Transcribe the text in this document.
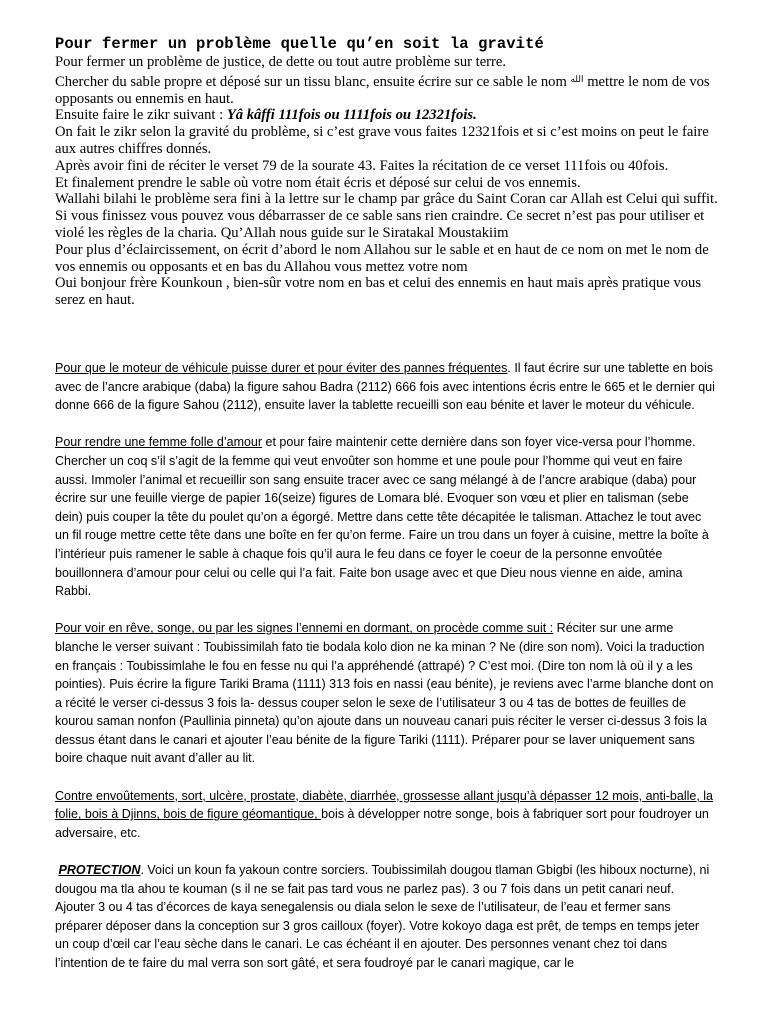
Pour fermer un problème quelle qu’en soit la gravité

Pour fermer un problème de justice, de dette ou tout autre problème sur terre.

Chercher du sable propre et déposé sur un tissu blanc, ensuite écrire sur ce sable le nom $^{الله}$ mettre le nom de vos opposants ou ennemis en haut.

Ensuite faire le zikr suivant : Yâ kâffi 111fois ou 1111fois ou 12321fois.

On fait le zikr selon la gravité du problème, si c’est grave vous faites 12321fois et si c’est moins on peut le faire aux autres chiffres donnés.

Après avoir fini de réciter le verset 79 de la sourate 43. Faites la récitation de ce verset 111fois ou 40fois.

Et finalement prendre le sable où votre nom était écris et déposé sur celui de vos ennemis.

Wallahi bilahi le problème sera fini à la lettre sur le champ par grâce du Saint Coran car Allah est Celui qui suffit.

Si vous finissez vous pouvez vous débarrasser de ce sable sans rien craindre. Ce secret n’est pas pour utiliser et violé les règles de la charia. Qu’Allah nous guide sur le Siratakal Moustakiim

Pour plus d’éclaircissement, on écrit d’abord le nom Allahou sur le sable et en haut de ce nom on met le nom de vos ennemis ou opposants et en bas du Allahou vous mettez votre nom

Oui bonjour frère Kounkoun , bien-sûr votre nom en bas et celui des ennemis en haut mais après pratique vous serez en haut.

Pour que le moteur de véhicule puisse durer et pour éviter des pannes fréquentes. Il faut écrire sur une tablette en bois avec de l’ancre arabique (daba) la figure sahou Badra (2112) 666 fois avec intentions écris entre le 665 et le dernier qui donne 666 de la figure Sahou (2112), ensuite laver la tablette recueilli son eau bénite et laver le moteur du véhicule.

Pour rendre une femme folle d’amour et pour faire maintenir cette dernière dans son foyer vice-versa pour l’homme. Chercher un coq s’il s’agit de la femme qui veut envoûter son homme et une poule pour l’homme qui veut en faire aussi. Immoler l’animal et recueillir son sang ensuite tracer avec ce sang mélangé à de l’ancre arabique (daba) pour écrire sur une feuille vierge de papier 16(seize) figures de Lomara blé. Evoquer son vœu et plier en talisman (sebe dein) puis couper la tête du poulet qu’on a égorgé. Mettre dans cette tête décapitée le talisman. Attachez le tout avec un fil rouge mettre cette tête dans une boîte en fer qu’on ferme. Faire un trou dans un foyer à cuisine, mettre la boîte à l’intérieur puis ramener le sable à chaque fois qu’il aura le feu dans ce foyer le coeur de la personne envoûtée bouillonnera d’amour pour celui ou celle qui l’a fait. Faite bon usage avec et que Dieu nous vienne en aide, amina Rabbi.

Pour voir en rêve, songe, ou par les signes l’ennemi en dormant, on procède comme suit : Réciter sur une arme blanche le verser suivant : Toubissimilah fato tie bodala kolo dion ne ka minan ? Ne (dire son nom). Voici la traduction en français : Toubissimlahe le fou en fesse nu qui l’a appréhendé (attrapé) ? C’est moi. (Dire ton nom là où il y a les pointies). Puis écrire la figure Tariki Brama (1111) 313 fois en nassi (eau bénite), je reviens avec l’arme blanche dont on a récité le verser ci-dessus 3 fois la- dessus couper selon le sexe de l’utilisateur 3 ou 4 tas de bottes de feuilles de kourou saman nonfon (Paullinia pinneta) qu’on ajoute dans un nouveau canari puis réciter le verser ci-dessus 3 fois la dessus étant dans le canari et ajouter l’eau bénite de la figure Tariki (1111). Préparer pour se laver uniquement sans boire chaque nuit avant d’aller au lit.

Contre envoûtements, sort, ulcère, prostate, diabète, diarrhée, grossesse allant jusqu’à dépasser 12 mois, anti-balle, la folie, bois à Djinns, bois de figure géomantique, bois à développer notre songe, bois à fabriquer sort pour foudroyer un adversaire, etc.

PROTECTION. Voici un koun fa yakoun contre sorciers. Toubissimilah dougou tlaman Gbigbi (les hiboux nocturne), ni dougou ma tla ahou te kouman (s il ne se fait pas tard vous ne parlez pas). 3 ou 7 fois dans un petit canari neuf. Ajouter 3 ou 4 tas d’écorces de kaya senegalensis ou diala selon le sexe de l’utilisateur, de l’eau et fermer sans préparer déposer dans la conception sur 3 gros cailloux (foyer). Votre kokoyo daga est prêt, de temps en temps jeter un coup d’œil car l’eau sèche dans le canari. Le cas échéant il en ajouter. Des personnes venant chez toi dans l’intention de te faire du mal verra son sort gâté, et sera foudroyé par le canari magique, car le
